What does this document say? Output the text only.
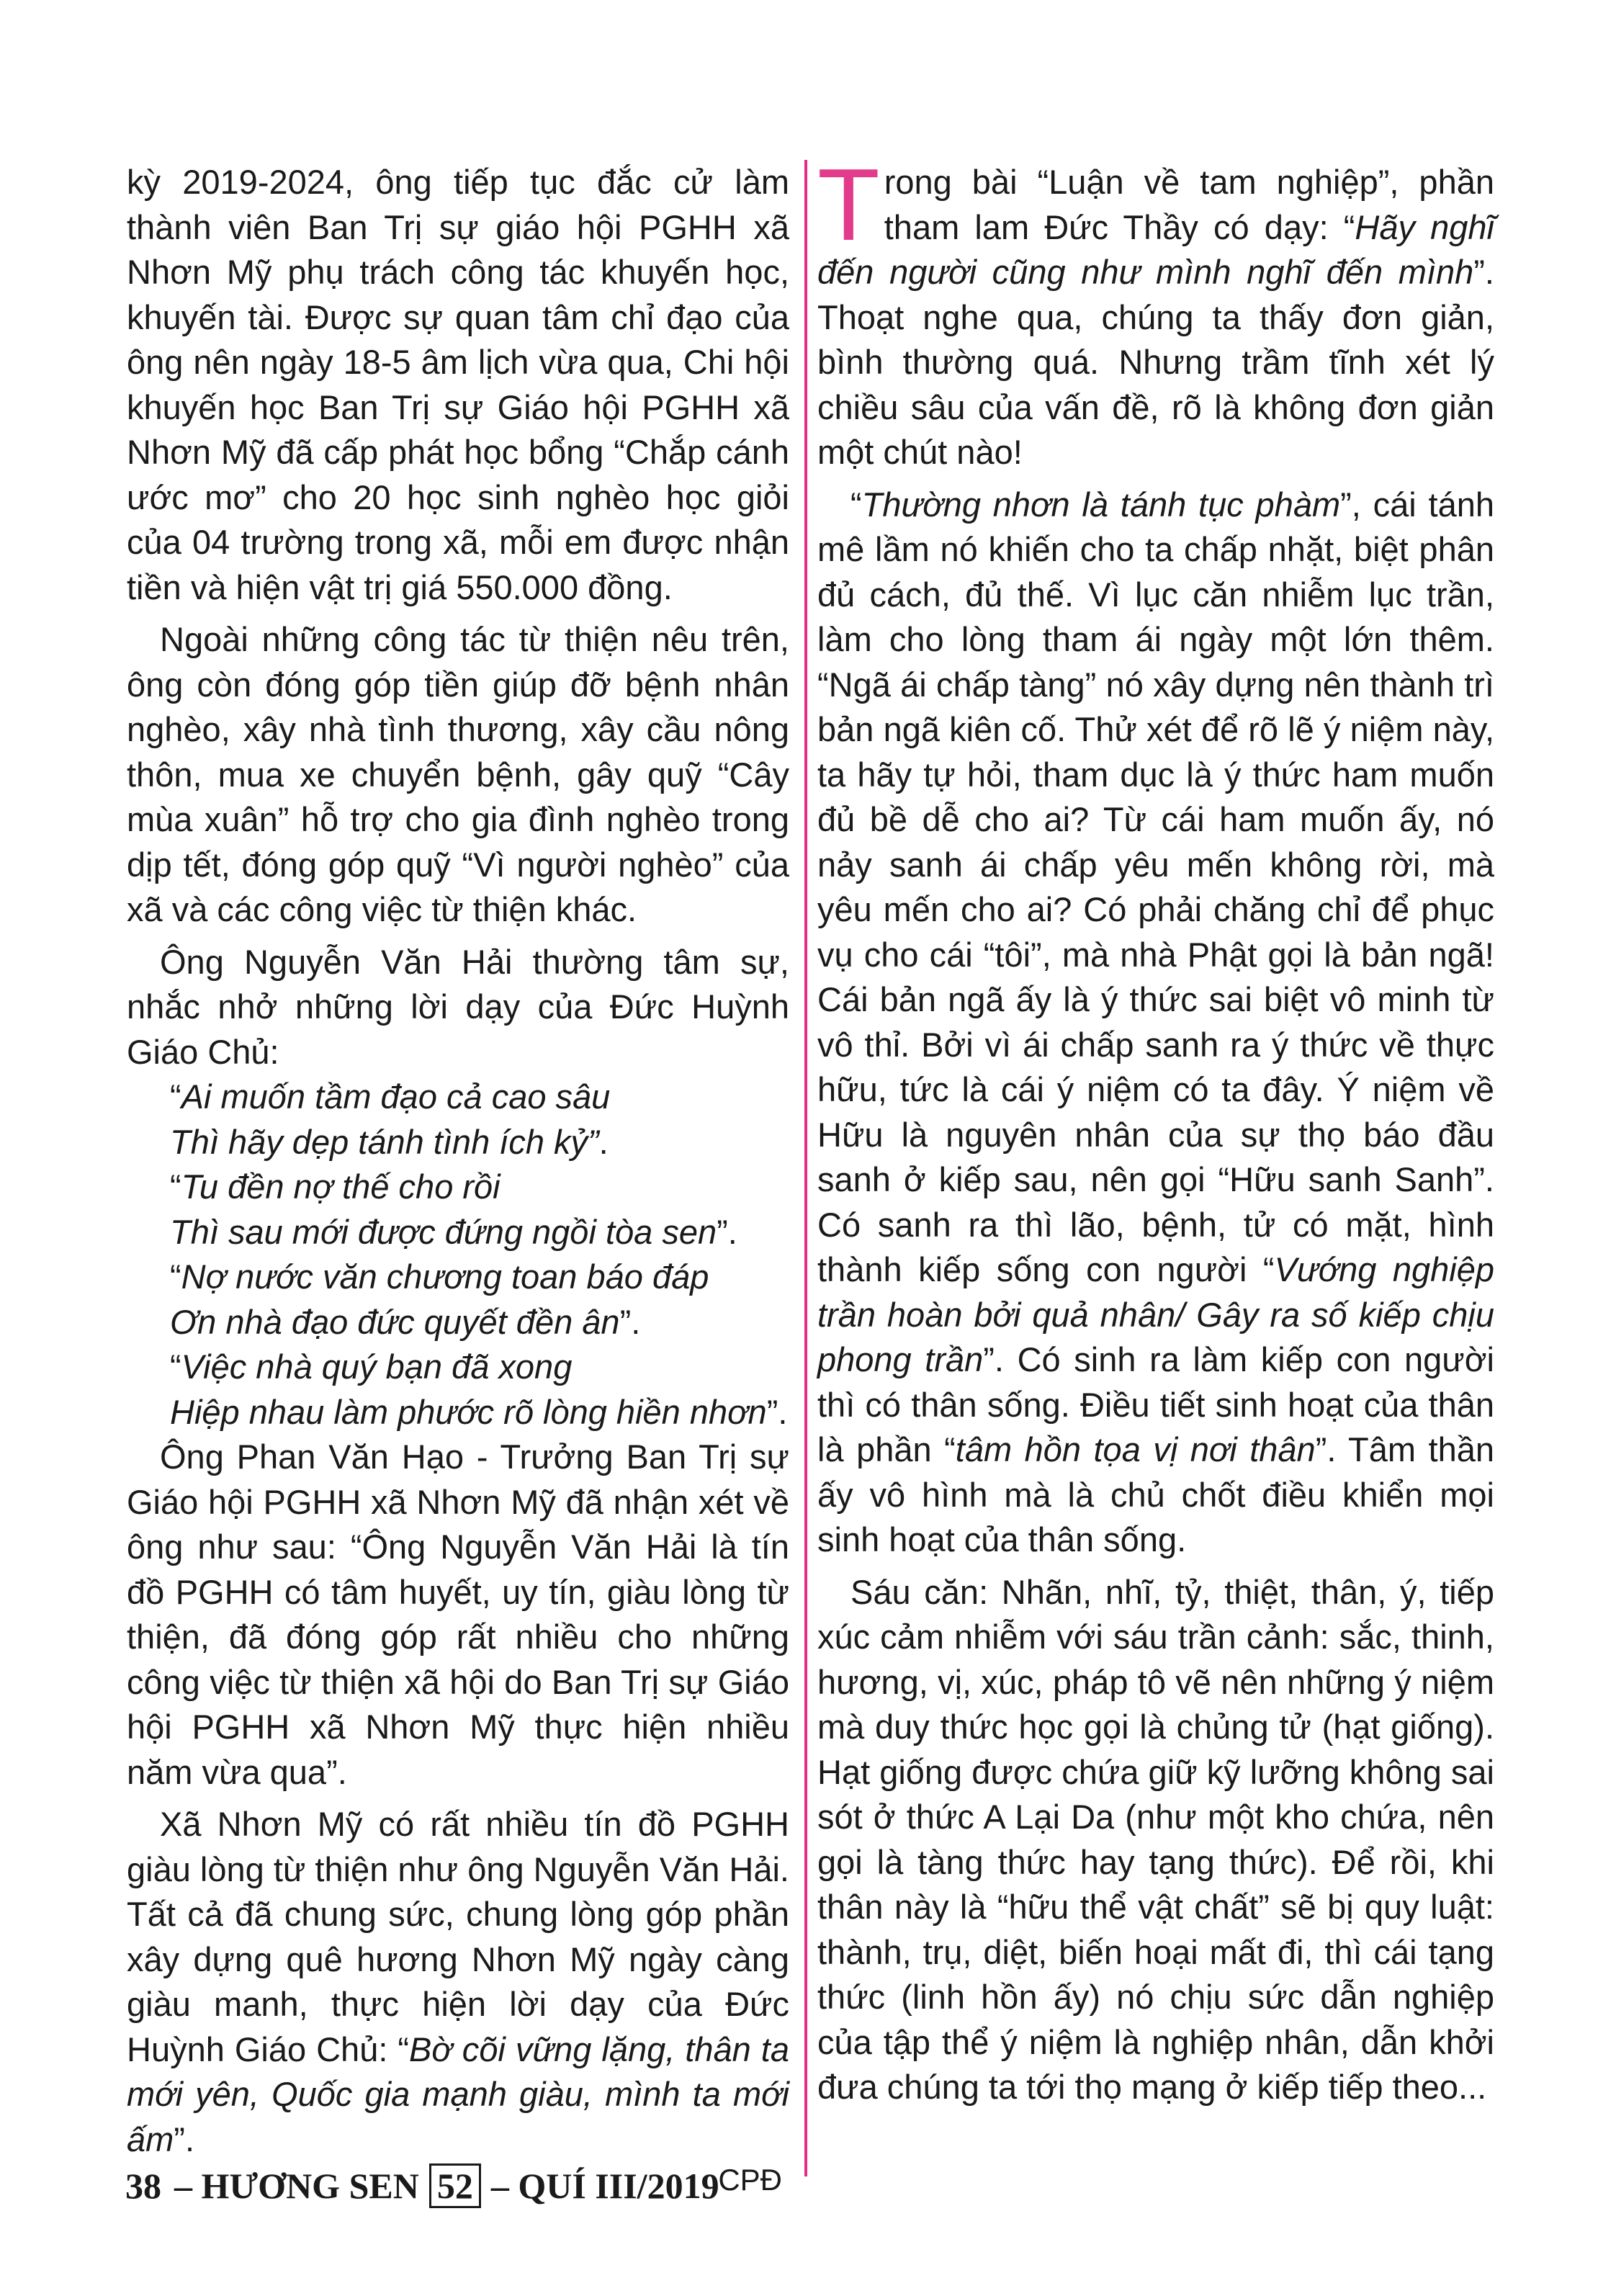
kỳ 2019-2024, ông tiếp tục đắc cử làm thành viên Ban Trị sự giáo hội PGHH xã Nhơn Mỹ phụ trách công tác khuyến học, khuyến tài. Được sự quan tâm chỉ đạo của ông nên ngày 18-5 âm lịch vừa qua, Chi hội khuyến học Ban Trị sự Giáo hội PGHH xã Nhơn Mỹ đã cấp phát học bổng “Chắp cánh ước mơ” cho 20 học sinh nghèo học giỏi của 04 trường trong xã, mỗi em được nhận tiền và hiện vật trị giá 550.000 đồng.

Ngoài những công tác từ thiện nêu trên, ông còn đóng góp tiền giúp đỡ bệnh nhân nghèo, xây nhà tình thương, xây cầu nông thôn, mua xe chuyển bệnh, gây quỹ “Cây mùa xuân” hỗ trợ cho gia đình nghèo trong dịp tết, đóng góp quỹ “Vì người nghèo” của xã và các công việc từ thiện khác.

Ông Nguyễn Văn Hải thường tâm sự, nhắc nhở những lời dạy của Đức Huỳnh Giáo Chủ:

“Ai muốn tầm đạo cả cao sâu

Thì hãy dẹp tánh tình ích kỷ”.

“Tu đền nợ thế cho rồi

Thì sau mới được đứng ngồi tòa sen”.

“Nợ nước văn chương toan báo đáp

Ơn nhà đạo đức quyết đền ân”.

“Việc nhà quý bạn đã xong

Hiệp nhau làm phước rõ lòng hiền nhơn”.

Ông Phan Văn Hạo - Trưởng Ban Trị sự Giáo hội PGHH xã Nhơn Mỹ đã nhận xét về ông như sau: “Ông Nguyễn Văn Hải là tín đồ PGHH có tâm huyết, uy tín, giàu lòng từ thiện, đã đóng góp rất nhiều cho những công việc từ thiện xã hội do Ban Trị sự Giáo hội PGHH xã Nhơn Mỹ thực hiện nhiều năm vừa qua”.

Xã Nhơn Mỹ có rất nhiều tín đồ PGHH giàu lòng từ thiện như ông Nguyễn Văn Hải. Tất cả đã chung sức, chung lòng góp phần xây dựng quê hương Nhơn Mỹ ngày càng giàu manh, thực hiện lời dạy của Đức Huỳnh Giáo Chủ: “Bờ cõi vững lặng, thân ta mới yên, Quốc gia mạnh giàu, mình ta mới ấm”.

CPĐ

Trong bài “Luận về tam nghiệp”, phần tham lam Đức Thầy có dạy: “Hãy nghĩ đến người cũng như mình nghĩ đến mình”. Thoạt nghe qua, chúng ta thấy đơn giản, bình thường quá. Nhưng trầm tĩnh xét lý chiều sâu của vấn đề, rõ là không đơn giản một chút nào!

“Thường nhơn là tánh tục phàm”, cái tánh mê lầm nó khiến cho ta chấp nhặt, biệt phân đủ cách, đủ thế. Vì lục căn nhiễm lục trần, làm cho lòng tham ái ngày một lớn thêm. “Ngã ái chấp tàng” nó xây dựng nên thành trì bản ngã kiên cố. Thử xét để rõ lẽ ý niệm này, ta hãy tự hỏi, tham dục là ý thức ham muốn đủ bề dễ cho ai? Từ cái ham muốn ấy, nó nảy sanh ái chấp yêu mến không rời, mà yêu mến cho ai? Có phải chăng chỉ để phục vụ cho cái “tôi”, mà nhà Phật gọi là bản ngã! Cái bản ngã ấy là ý thức sai biệt vô minh từ vô thỉ. Bởi vì ái chấp sanh ra ý thức về thực hữu, tức là cái ý niệm có ta đây. Ý niệm về Hữu là nguyên nhân của sự thọ báo đầu sanh ở kiếp sau, nên gọi “Hữu sanh Sanh”. Có sanh ra thì lão, bệnh, tử có mặt, hình thành kiếp sống con người “Vướng nghiệp trần hoàn bởi quả nhân/ Gây ra số kiếp chịu phong trần”. Có sinh ra làm kiếp con người thì có thân sống. Điều tiết sinh hoạt của thân là phần “tâm hồn tọa vị nơi thân”. Tâm thần ấy vô hình mà là chủ chốt điều khiển mọi sinh hoạt của thân sống.

Sáu căn: Nhãn, nhĩ, tỷ, thiệt, thân, ý, tiếp xúc cảm nhiễm với sáu trần cảnh: sắc, thinh, hương, vị, xúc, pháp tô vẽ nên những ý niệm mà duy thức học gọi là chủng tử (hạt giống). Hạt giống được chứa giữ kỹ lưỡng không sai sót ở thức A Lại Da (như một kho chứa, nên gọi là tàng thức hay tạng thức). Để rồi, khi thân này là “hữu thể vật chất” sẽ bị quy luật: thành, trụ, diệt, biến hoại mất đi, thì cái tạng thức (linh hồn ấy) nó chịu sức dẫn nghiệp của tập thể ý niệm là nghiệp nhân, dẫn khởi đưa chúng ta tới thọ mạng ở kiếp tiếp theo...

38 –
HƯƠNG SEN 52 –
QUÍ III/2019
